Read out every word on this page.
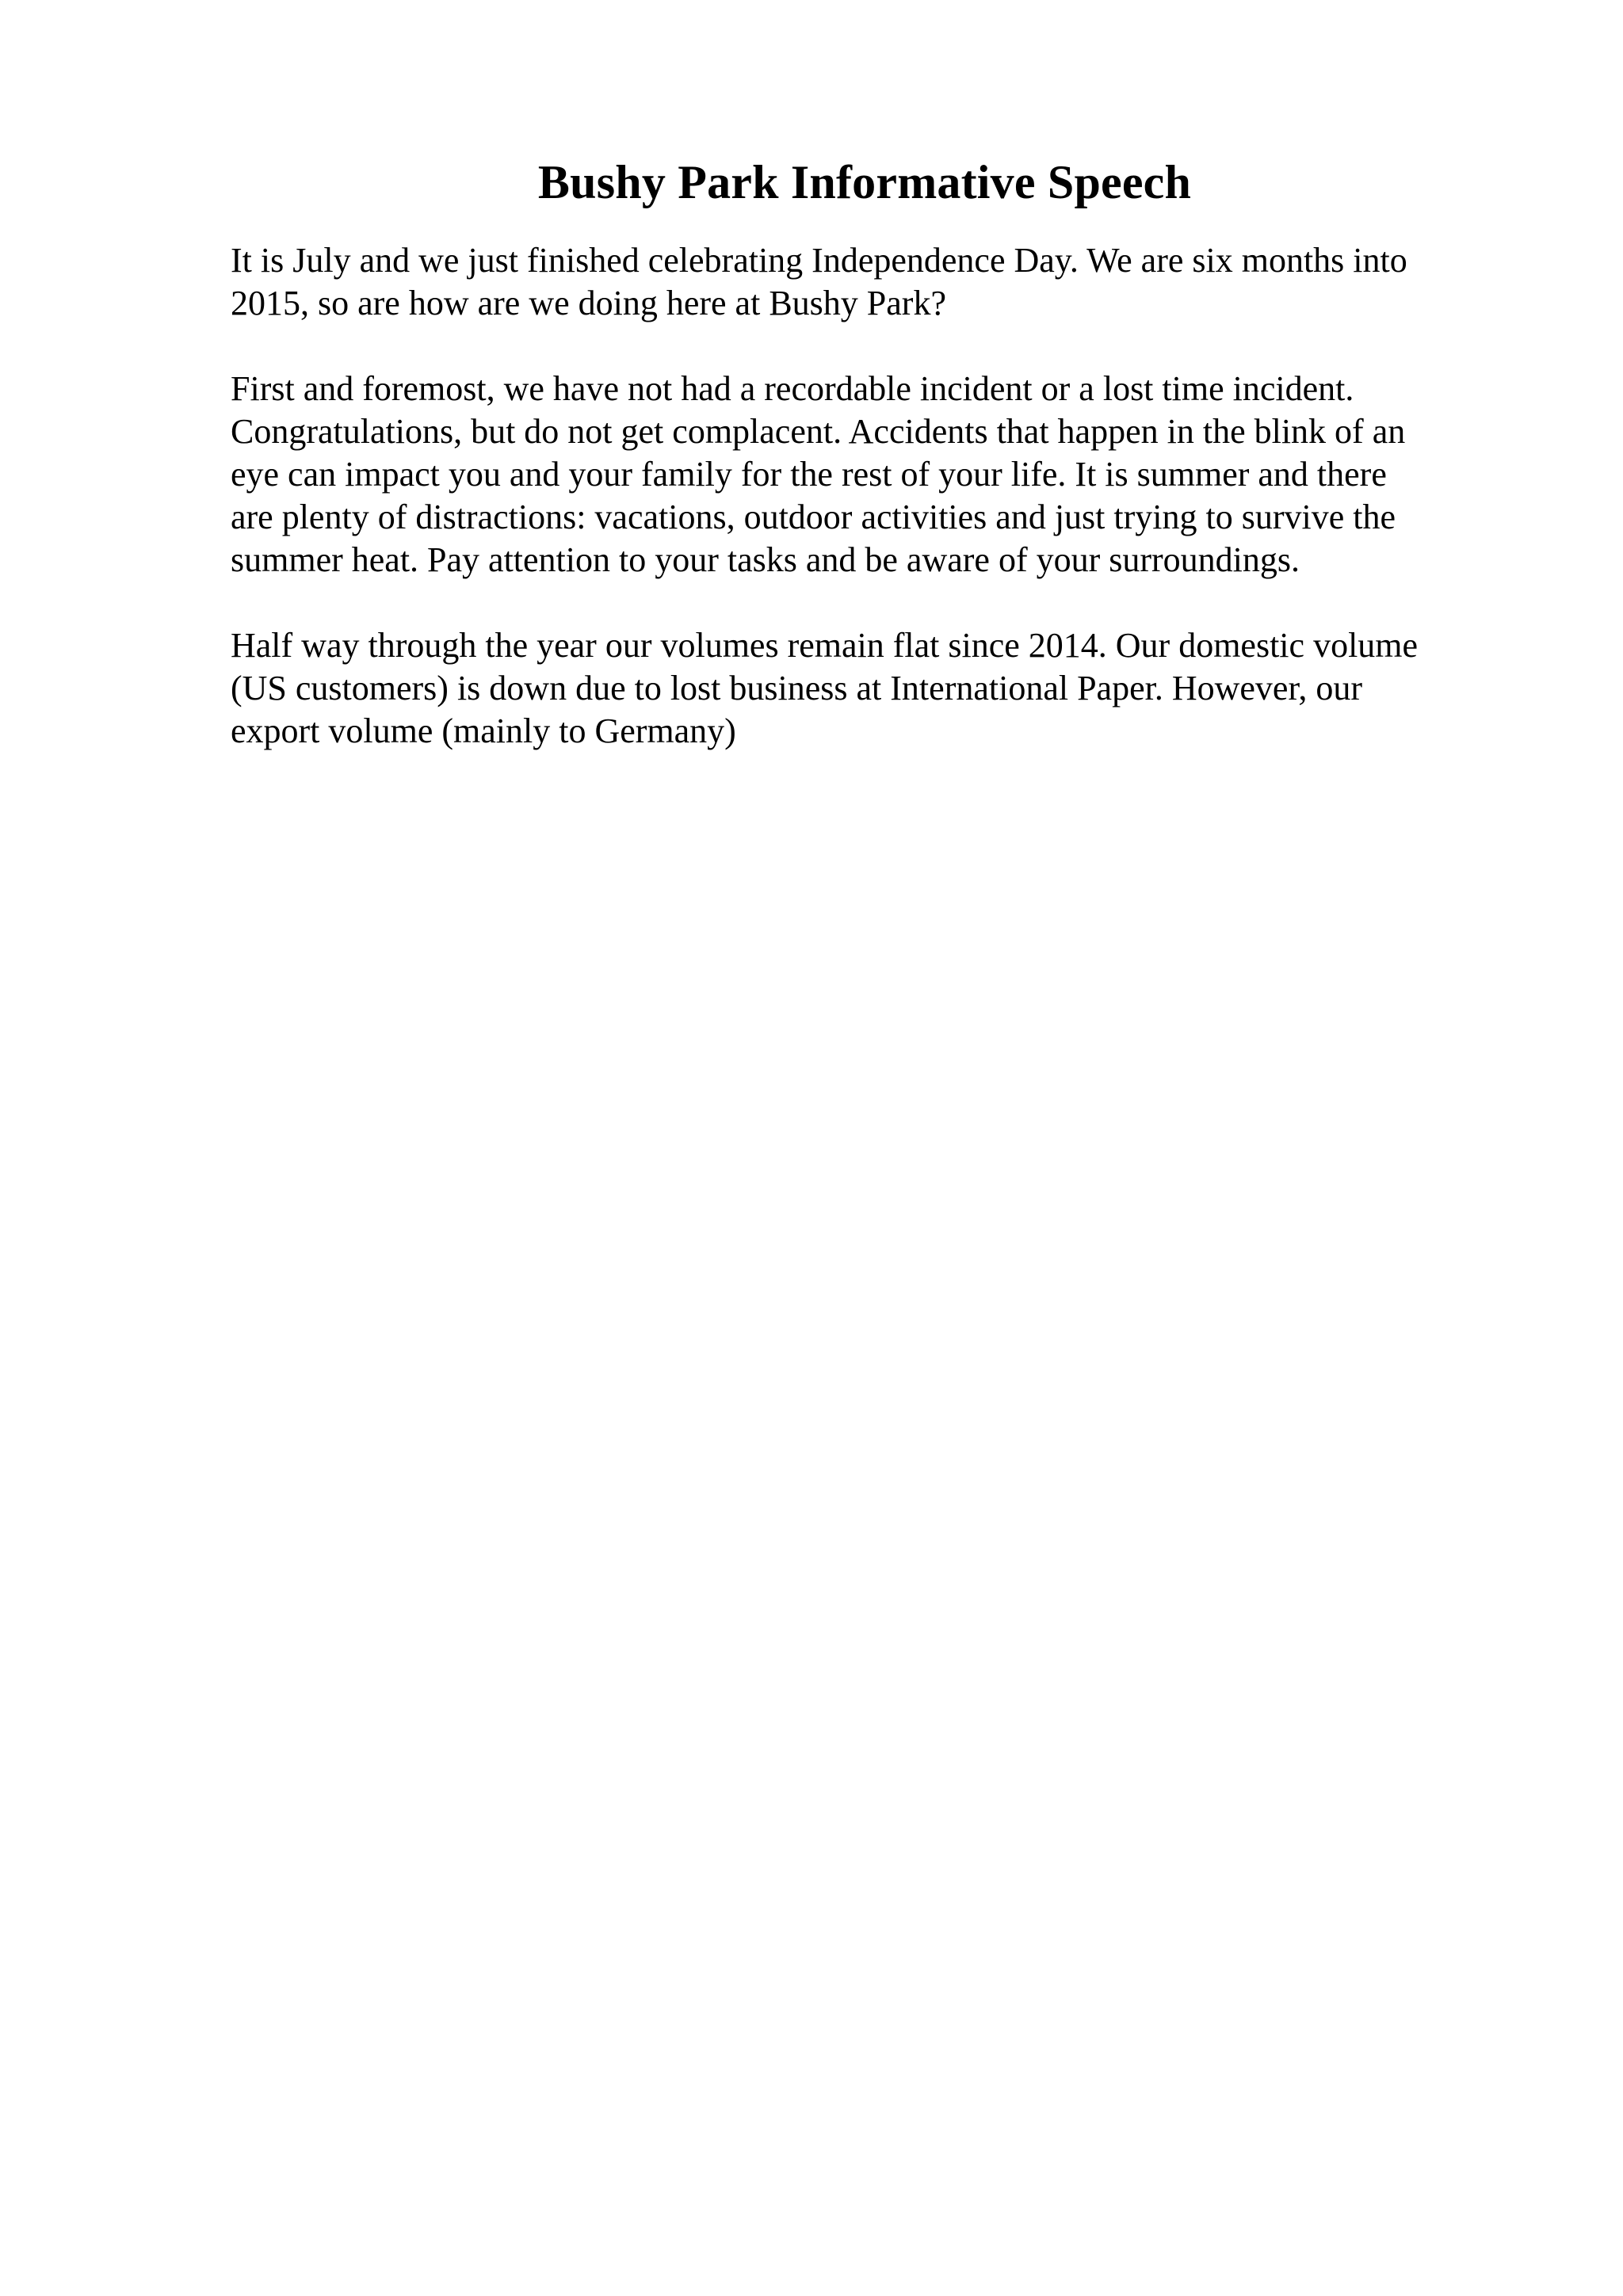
Bushy Park Informative Speech

It is July and we just finished celebrating Independence Day. We are six months into
2015, so are how are we doing here at Bushy Park?

First and foremost, we have not had a recordable incident or a lost time incident.
Congratulations, but do not get complacent. Accidents that happen in the blink of an
eye can impact you and your family for the rest of your life. It is summer and there
are plenty of distractions: vacations, outdoor activities and just trying to survive the
summer heat. Pay attention to your tasks and be aware of your surroundings.

Half way through the year our volumes remain flat since 2014. Our domestic volume
(US customers) is down due to lost business at International Paper. However, our
export volume (mainly to Germany)
